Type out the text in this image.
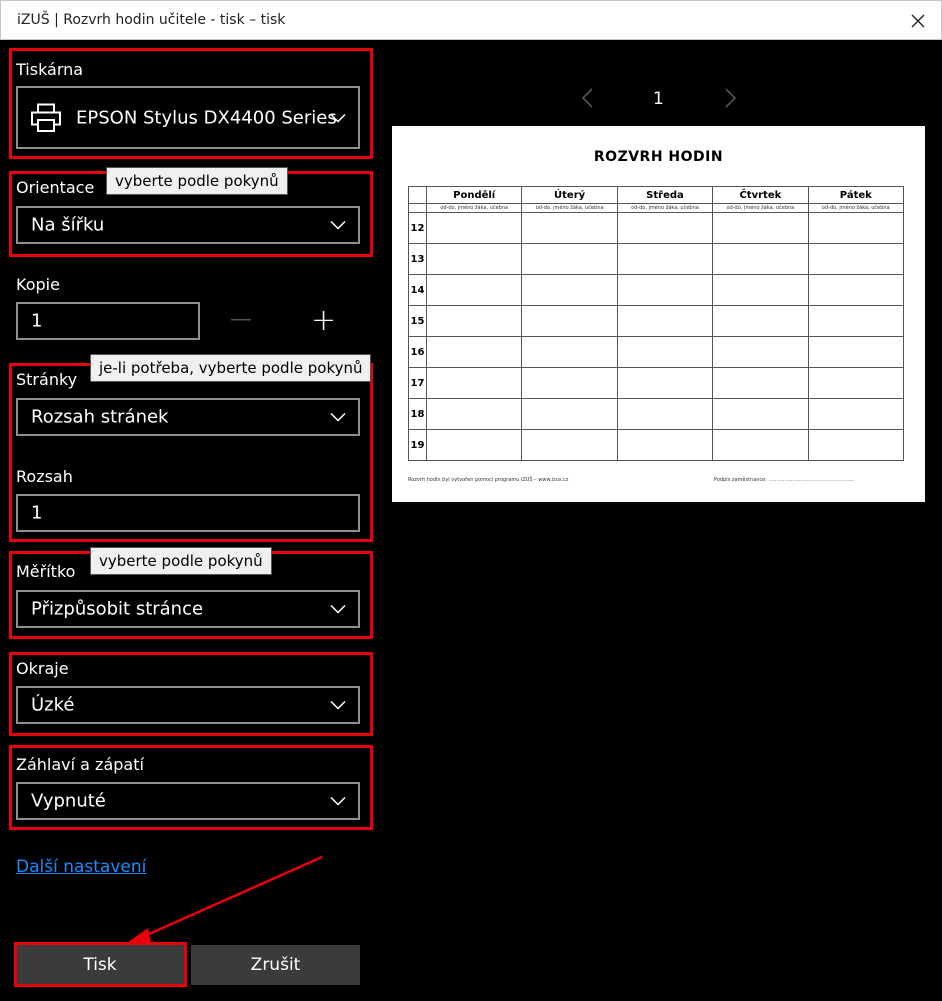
iZUŠ | Rozvrh hodin učitele - tisk – tisk
Tiskárna
EPSON Stylus DX4400 Series
Orientace
Na šířku
Kopie
1	— +
Stránky
Rozsah stránek
Rozsah
1
Měřítko
Přizpůsobit stránce
Okraje
Úzké
Záhlaví a zápatí
Vypnuté
Další nastavení
Tisk	Zrušit
vyberte podle pokynů
je-li potřeba, vyberte podle pokynů
vyberte podle pokynů
1
ROZVRH HODIN
	Pondělí	Úterý	Středa	Čtvrtek	Pátek
	od-do, jméno žáka, učebna	od-do, jméno žáka, učebna	od-do, jméno žáka, učebna	od-do, jméno žáka, učebna	od-do, jméno žáka, učebna
12					
13					
14					
15					
16					
17					
18					
19					
Rozvrh hodin byl vytvořen pomocí programu iZUŠ – www.izus.cz	Podpis zaměstnance: ......................................................
